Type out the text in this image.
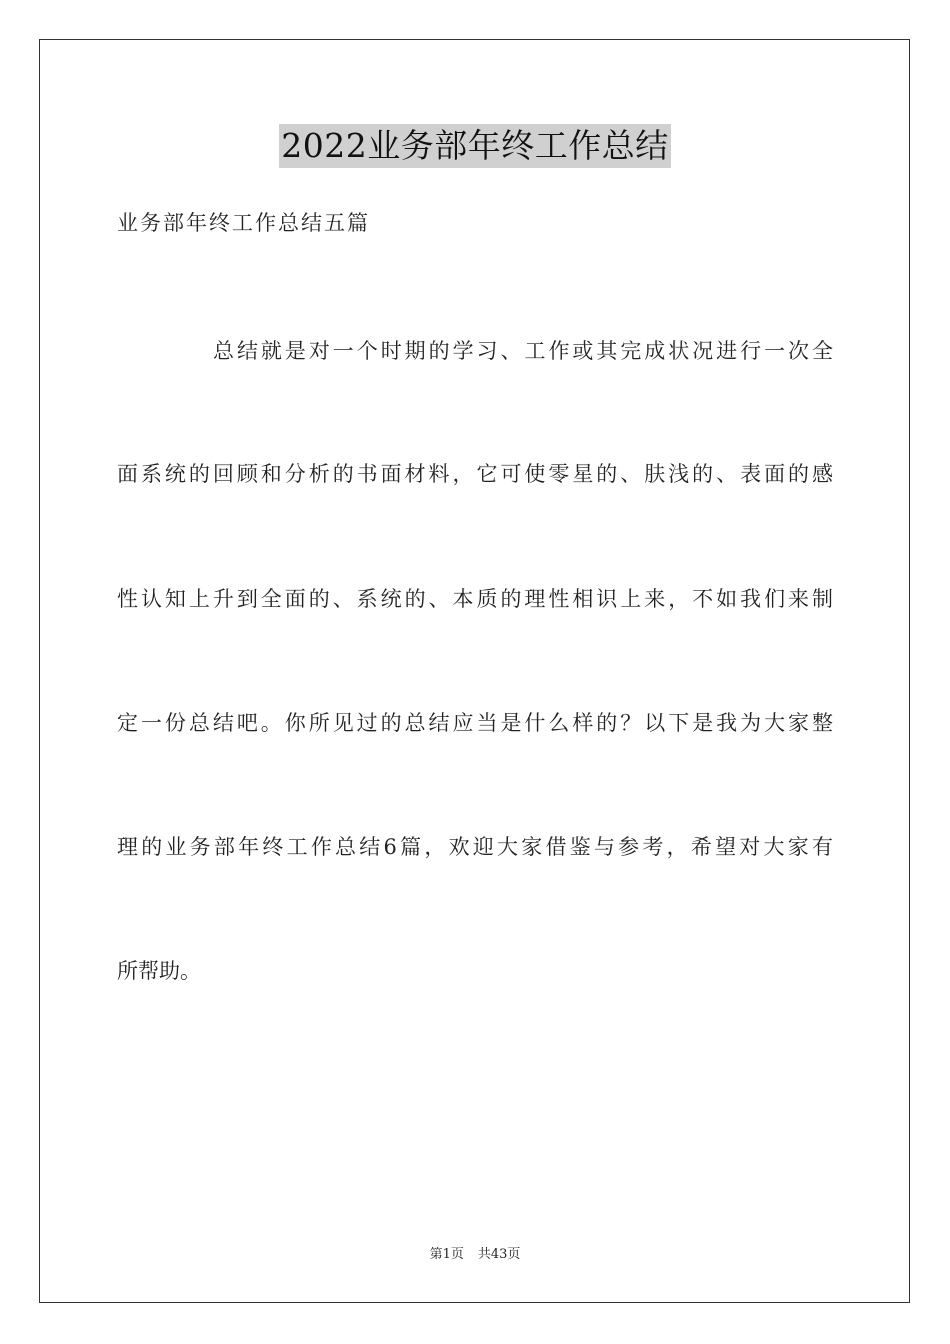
2022业务部年终工作总结
业务部年终工作总结五篇
总结就是对一个时期的学习、工作或其完成状况进行一次全
面系统的回顾和分析的书面材料，它可使零星的、肤浅的、表面的感
性认知上升到全面的、系统的、本质的理性相识上来，不如我们来制
定一份总结吧。你所见过的总结应当是什么样的？以下是我为大家整
理的业务部年终工作总结6篇，欢迎大家借鉴与参考，希望对大家有
所帮助。
第1页 共43页
